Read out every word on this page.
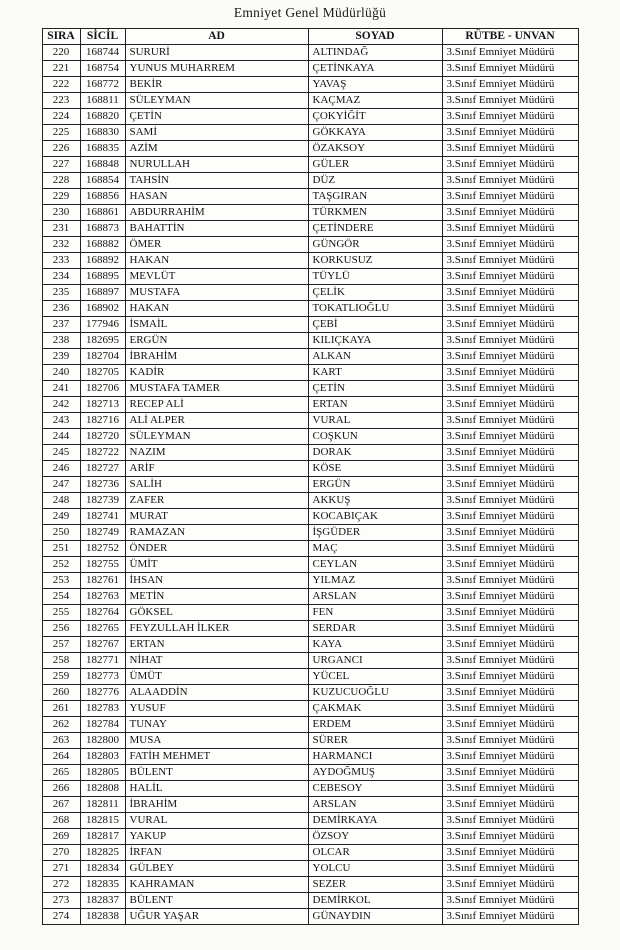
Emniyet Genel Müdürlüğü
SIRA	SİCİL	AD	SOYAD	RÜTBE - UNVAN
220	168744	SURURİ	ALTINDAĞ	3.Sınıf Emniyet Müdürü
221	168754	YUNUS MUHARREM	ÇETİNKAYA	3.Sınıf Emniyet Müdürü
222	168772	BEKİR	YAVAŞ	3.Sınıf Emniyet Müdürü
223	168811	SÜLEYMAN	KAÇMAZ	3.Sınıf Emniyet Müdürü
224	168820	ÇETİN	ÇOKYİĞİT	3.Sınıf Emniyet Müdürü
225	168830	SAMİ	GÖKKAYA	3.Sınıf Emniyet Müdürü
226	168835	AZİM	ÖZAKSOY	3.Sınıf Emniyet Müdürü
227	168848	NURULLAH	GÜLER	3.Sınıf Emniyet Müdürü
228	168854	TAHSİN	DÜZ	3.Sınıf Emniyet Müdürü
229	168856	HASAN	TAŞGIRAN	3.Sınıf Emniyet Müdürü
230	168861	ABDURRAHİM	TÜRKMEN	3.Sınıf Emniyet Müdürü
231	168873	BAHATTİN	ÇETİNDERE	3.Sınıf Emniyet Müdürü
232	168882	ÖMER	GÜNGÖR	3.Sınıf Emniyet Müdürü
233	168892	HAKAN	KORKUSUZ	3.Sınıf Emniyet Müdürü
234	168895	MEVLÜT	TÜYLÜ	3.Sınıf Emniyet Müdürü
235	168897	MUSTAFA	ÇELİK	3.Sınıf Emniyet Müdürü
236	168902	HAKAN	TOKATLIOĞLU	3.Sınıf Emniyet Müdürü
237	177946	İSMAİL	ÇEBİ	3.Sınıf Emniyet Müdürü
238	182695	ERGÜN	KILIÇKAYA	3.Sınıf Emniyet Müdürü
239	182704	İBRAHİM	ALKAN	3.Sınıf Emniyet Müdürü
240	182705	KADİR	KART	3.Sınıf Emniyet Müdürü
241	182706	MUSTAFA TAMER	ÇETİN	3.Sınıf Emniyet Müdürü
242	182713	RECEP ALİ	ERTAN	3.Sınıf Emniyet Müdürü
243	182716	ALİ ALPER	VURAL	3.Sınıf Emniyet Müdürü
244	182720	SÜLEYMAN	COŞKUN	3.Sınıf Emniyet Müdürü
245	182722	NAZIM	DORAK	3.Sınıf Emniyet Müdürü
246	182727	ARİF	KÖSE	3.Sınıf Emniyet Müdürü
247	182736	SALİH	ERGÜN	3.Sınıf Emniyet Müdürü
248	182739	ZAFER	AKKUŞ	3.Sınıf Emniyet Müdürü
249	182741	MURAT	KOCABIÇAK	3.Sınıf Emniyet Müdürü
250	182749	RAMAZAN	İŞGÜDER	3.Sınıf Emniyet Müdürü
251	182752	ÖNDER	MAÇ	3.Sınıf Emniyet Müdürü
252	182755	ÜMİT	CEYLAN	3.Sınıf Emniyet Müdürü
253	182761	İHSAN	YILMAZ	3.Sınıf Emniyet Müdürü
254	182763	METİN	ARSLAN	3.Sınıf Emniyet Müdürü
255	182764	GÖKSEL	FEN	3.Sınıf Emniyet Müdürü
256	182765	FEYZULLAH İLKER	SERDAR	3.Sınıf Emniyet Müdürü
257	182767	ERTAN	KAYA	3.Sınıf Emniyet Müdürü
258	182771	NİHAT	URGANCI	3.Sınıf Emniyet Müdürü
259	182773	ÜMÜT	YÜCEL	3.Sınıf Emniyet Müdürü
260	182776	ALAADDİN	KUZUCUOĞLU	3.Sınıf Emniyet Müdürü
261	182783	YUSUF	ÇAKMAK	3.Sınıf Emniyet Müdürü
262	182784	TUNAY	ERDEM	3.Sınıf Emniyet Müdürü
263	182800	MUSA	SÜRER	3.Sınıf Emniyet Müdürü
264	182803	FATİH MEHMET	HARMANCI	3.Sınıf Emniyet Müdürü
265	182805	BÜLENT	AYDOĞMUŞ	3.Sınıf Emniyet Müdürü
266	182808	HALİL	CEBESOY	3.Sınıf Emniyet Müdürü
267	182811	İBRAHİM	ARSLAN	3.Sınıf Emniyet Müdürü
268	182815	VURAL	DEMİRKAYA	3.Sınıf Emniyet Müdürü
269	182817	YAKUP	ÖZSOY	3.Sınıf Emniyet Müdürü
270	182825	İRFAN	OLCAR	3.Sınıf Emniyet Müdürü
271	182834	GÜLBEY	YOLCU	3.Sınıf Emniyet Müdürü
272	182835	KAHRAMAN	SEZER	3.Sınıf Emniyet Müdürü
273	182837	BÜLENT	DEMİRKOL	3.Sınıf Emniyet Müdürü
274	182838	UĞUR YAŞAR	GÜNAYDIN	3.Sınıf Emniyet Müdürü
